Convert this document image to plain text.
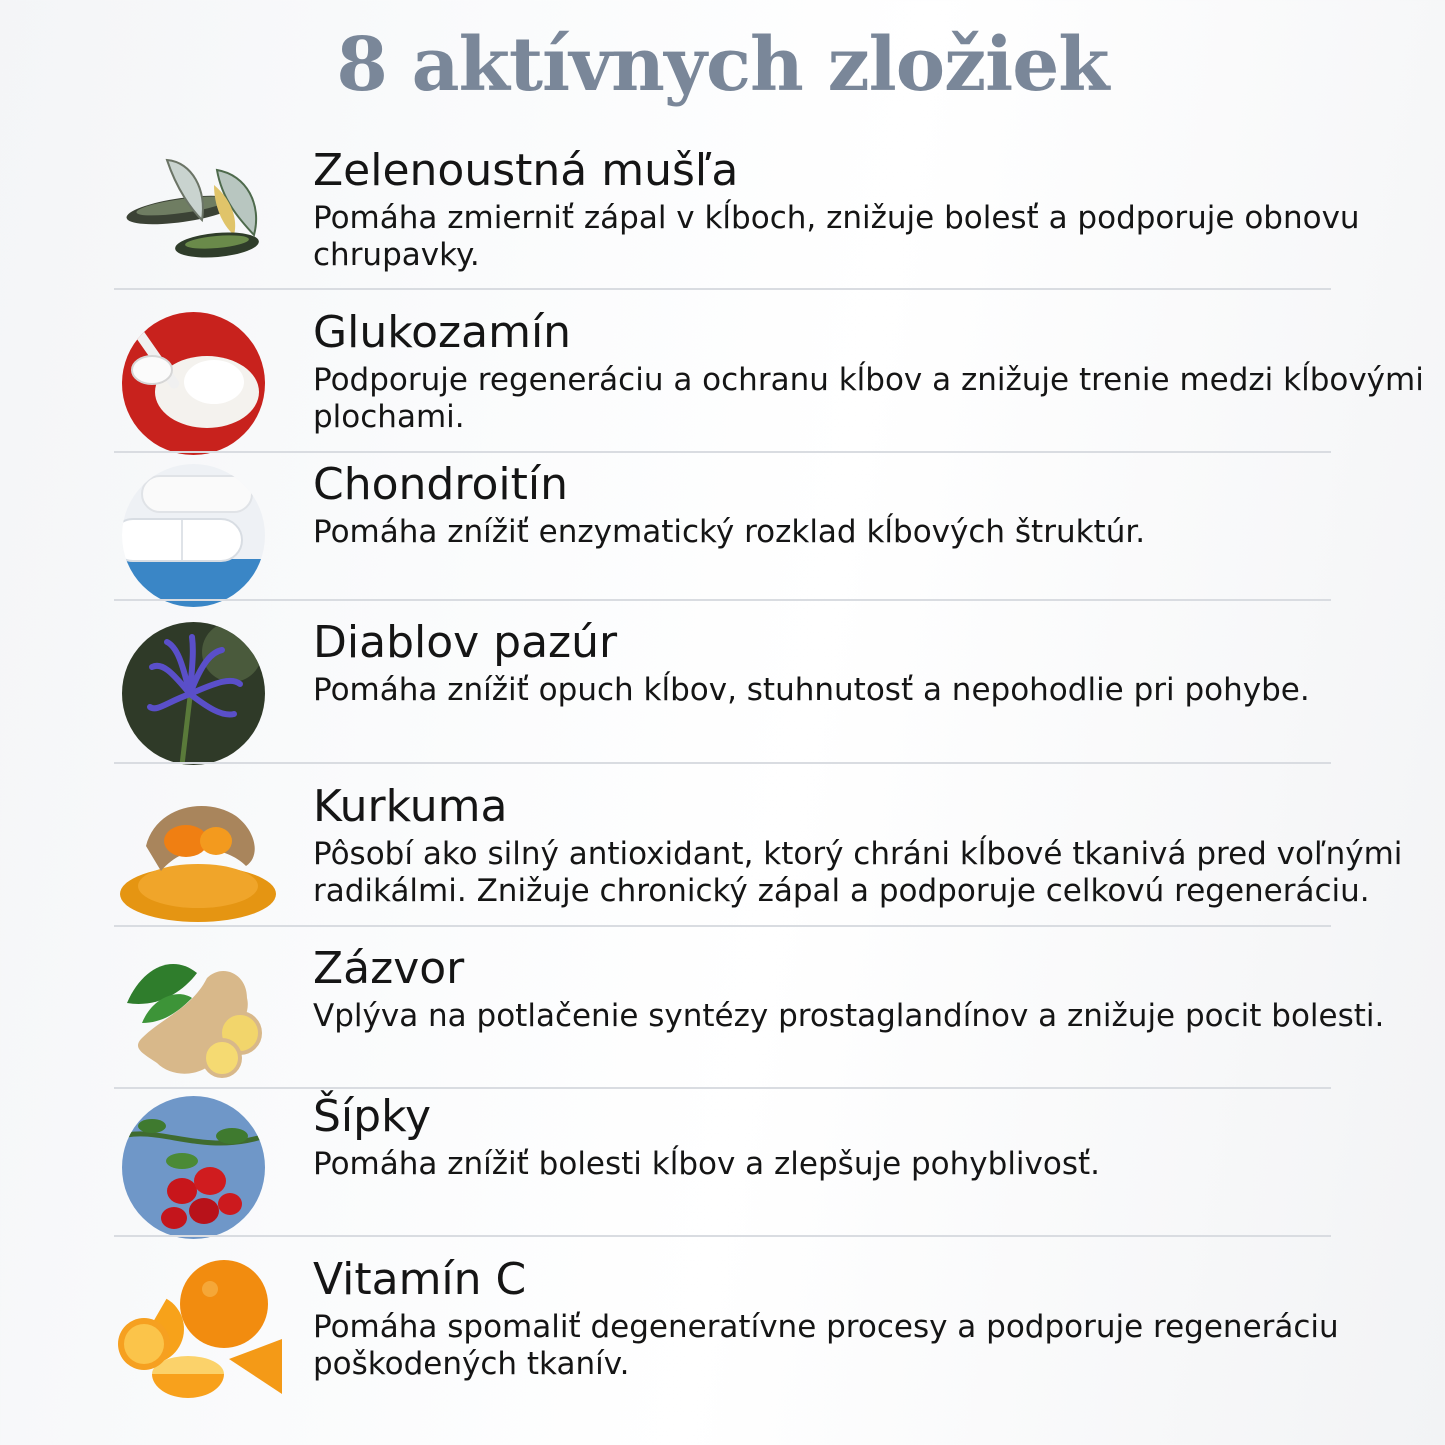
8 aktívnych zložiek
Zelenoustná mušľa
Pomáha zmierniť zápal v kĺboch, znižuje bolesť a podporuje obnovu chrupavky.
Glukozamín
Podporuje regeneráciu a ochranu kĺbov a znižuje trenie medzi kĺbovými plochami.
Chondroitín
Pomáha znížiť enzymatický rozklad kĺbových štruktúr.
Diablov pazúr
Pomáha znížiť opuch kĺbov, stuhnutosť a nepohodlie pri pohybe.
Kurkuma
Pôsobí ako silný antioxidant, ktorý chráni kĺbové tkanivá pred voľnými radikálmi. Znižuje chronický zápal a podporuje celkovú regeneráciu.
Zázvor
Vplýva na potlačenie syntézy prostaglandínov a znižuje pocit bolesti.
Šípky
Pomáha znížiť bolesti kĺbov a zlepšuje pohyblivosť.
Vitamín C
Pomáha spomaliť degeneratívne procesy a podporuje regeneráciu poškodených tkanív.
